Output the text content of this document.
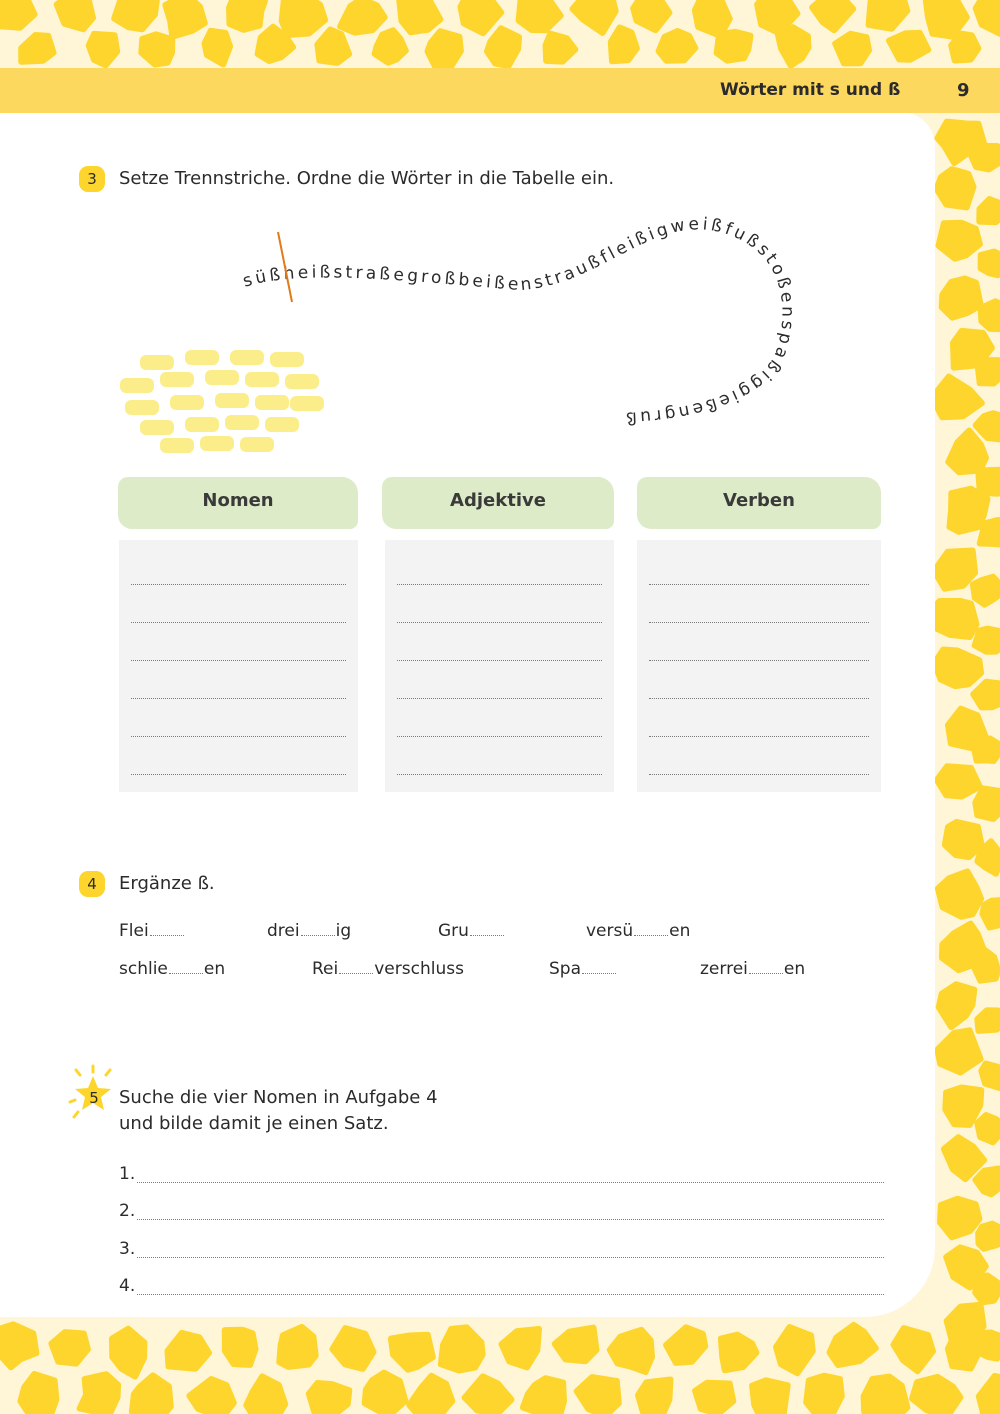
Wörter mit s und ß	9
3	Setze Trennstriche. Ordne die Wörter in die Tabelle ein.
süßheißstraßegroßbeißenstraußfleißigweißfußstoßenspaßiggießengruß
Nomen	Adjektive	Verben
4	Ergänze ß.
Flei	drei ig	Gru	versü en
schlie en	Rei verschluss	Spa	zerrei en
5 Suche die vier Nomen in Aufgabe 4
und bilde damit je einen Satz.
1.
2.
3.
4.
